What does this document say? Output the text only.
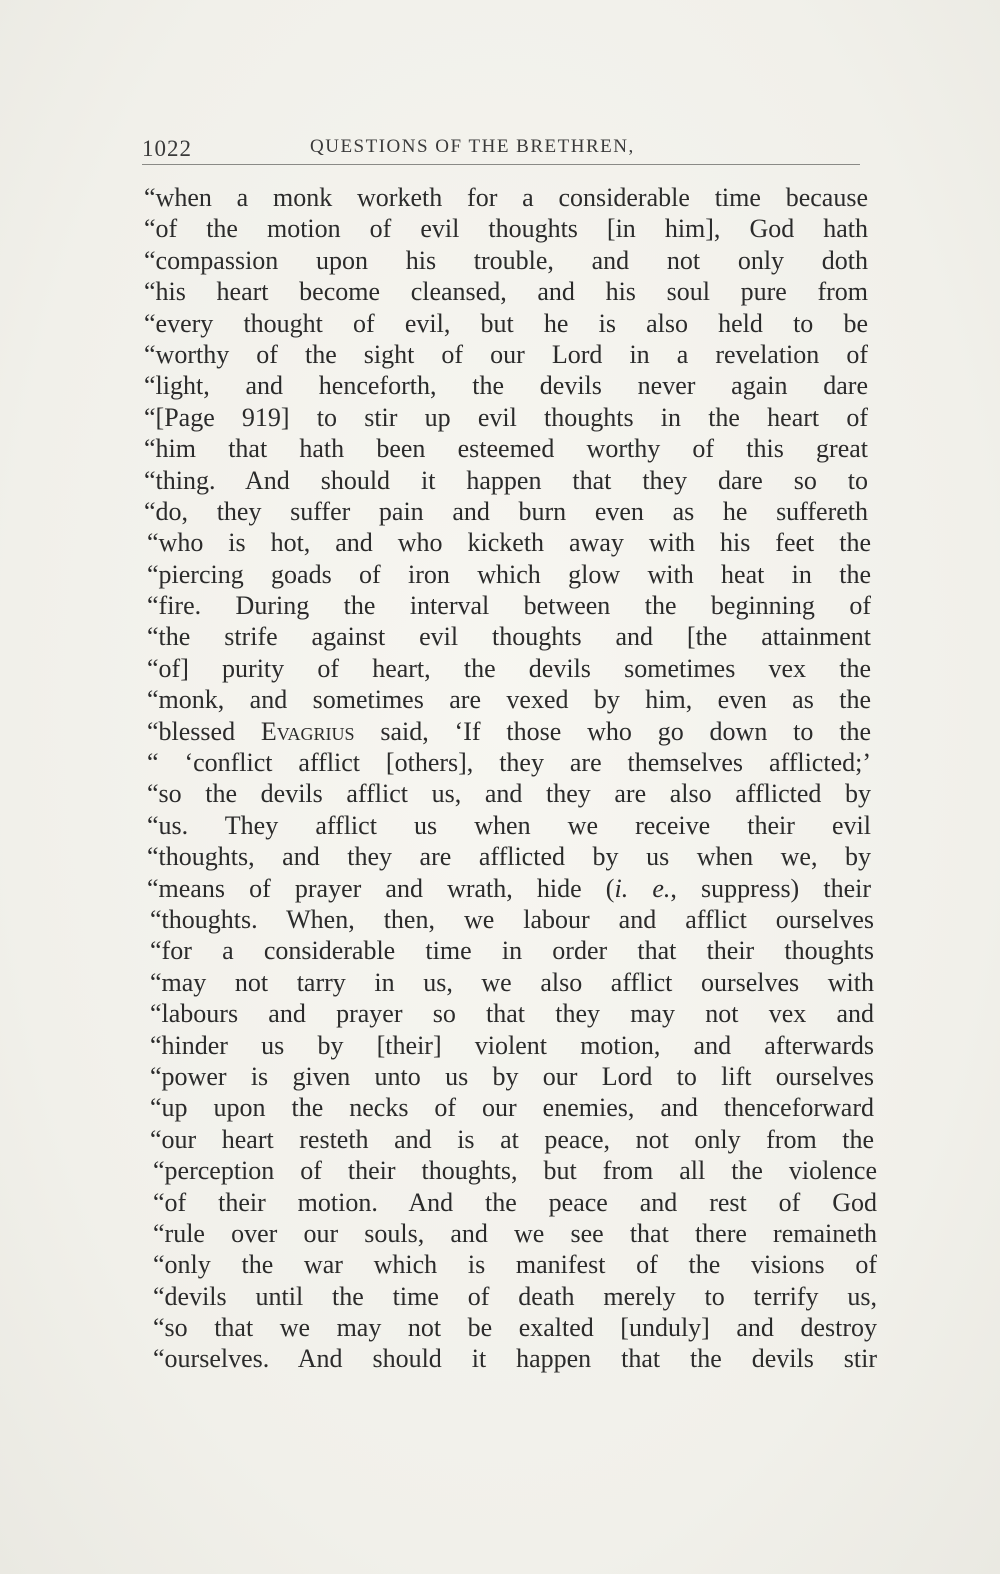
1022	QUESTIONS OF THE BRETHREN,
“when a monk worketh for a considerable time because
“of the motion of evil thoughts [in him], God hath
“compassion upon his trouble, and not only doth
“his heart become cleansed, and his soul pure from
“every thought of evil, but he is also held to be
“worthy of the sight of our Lord in a revelation of
“light, and henceforth, the devils never again dare
“[Page 919] to stir up evil thoughts in the heart of
“him that hath been esteemed worthy of this great
“thing. And should it happen that they dare so to
“do, they suffer pain and burn even as he suffereth
“who is hot, and who kicketh away with his feet the
“piercing goads of iron which glow with heat in the
“fire. During the interval between the beginning of
“the strife against evil thoughts and [the attainment
“of] purity of heart, the devils sometimes vex the
“monk, and sometimes are vexed by him, even as the
“blessed Evagrius said, ‘If those who go down to the
“ ‘conflict afflict [others], they are themselves afflicted;’
“so the devils afflict us, and they are also afflicted by
“us. They afflict us when we receive their evil
“thoughts, and they are afflicted by us when we, by
“means of prayer and wrath, hide (i. e., suppress) their
“thoughts. When, then, we labour and afflict ourselves
“for a considerable time in order that their thoughts
“may not tarry in us, we also afflict ourselves with
“labours and prayer so that they may not vex and
“hinder us by [their] violent motion, and afterwards
“power is given unto us by our Lord to lift ourselves
“up upon the necks of our enemies, and thenceforward
“our heart resteth and is at peace, not only from the
“perception of their thoughts, but from all the violence
“of their motion. And the peace and rest of God
“rule over our souls, and we see that there remaineth
“only the war which is manifest of the visions of
“devils until the time of death merely to terrify us,
“so that we may not be exalted [unduly] and destroy
“ourselves. And should it happen that the devils stir
